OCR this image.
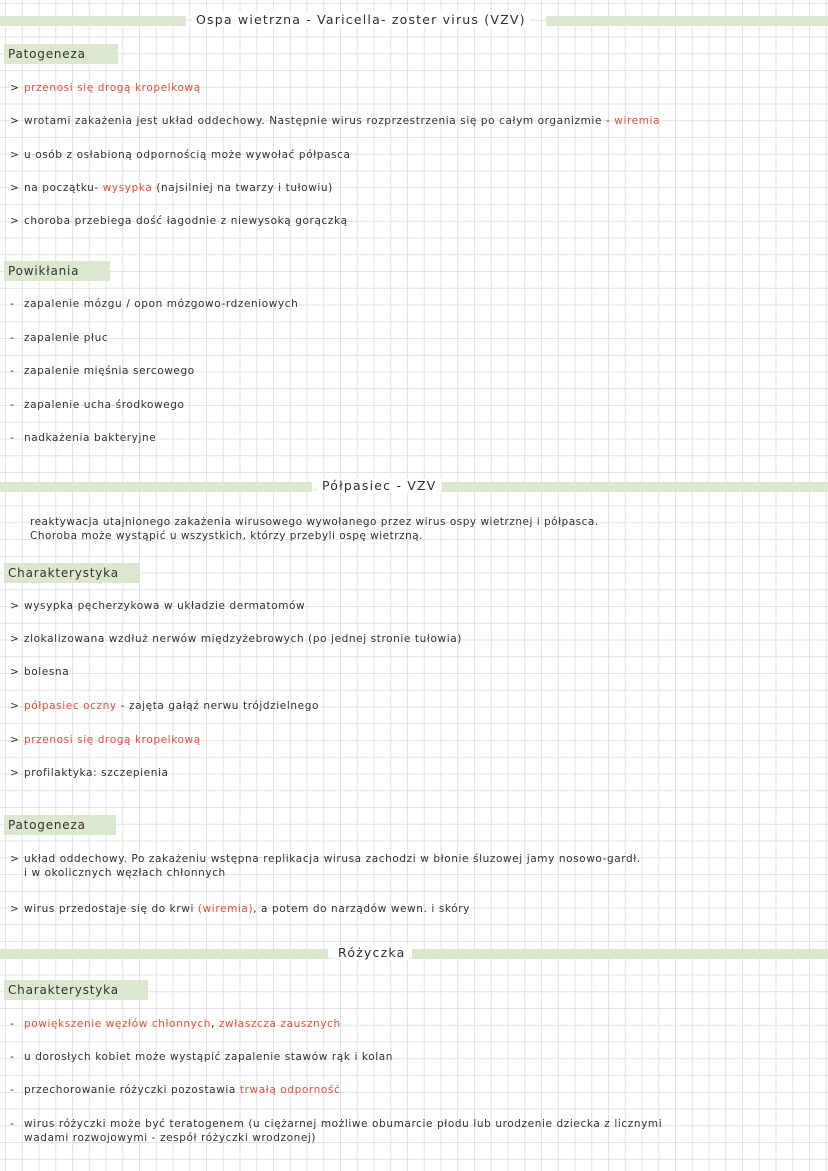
Ospa wietrzna - Varicella- zoster virus (VZV)
Patogeneza
> przenosi się drogą kropelkową
> wrotami zakażenia jest układ oddechowy. Następnie wirus rozprzestrzenia się po całym organizmie - wiremia
> u osób z osłabioną odpornością może wywołać półpasca
> na początku- wysypka (najsilniej na twarzy i tułowiu)
> choroba przebiega dość łagodnie z niewysoką gorączką
Powikłania
- zapalenie mózgu / opon mózgowo-rdzeniowych
- zapalenie płuc
- zapalenie mięśnia sercowego
- zapalenie ucha środkowego
- nadkażenia bakteryjne
Półpasiec - VZV
reaktywacja utajnionego zakażenia wirusowego wywołanego przez wirus ospy wietrznej i półpasca.
Choroba może wystąpić u wszystkich, którzy przebyli ospę wietrzną.
Charakterystyka
> wysypka pęcherzykowa w układzie dermatomów
> zlokalizowana wzdłuż nerwów międzyżebrowych (po jednej stronie tułowia)
> bolesna
> półpasiec oczny - zajęta gałąź nerwu trójdzielnego
> przenosi się drogą kropelkową
> profilaktyka: szczepienia
Patogeneza
> układ oddechowy. Po zakażeniu wstępna replikacja wirusa zachodzi w błonie śluzowej jamy nosowo-gardł.
i w okolicznych węzłach chłonnych
> wirus przedostaje się do krwi (wiremia), a potem do narządów wewn. i skóry
Różyczka
Charakterystyka
- powiększenie węzłów chłonnych, zwłaszcza zausznych
- u dorosłych kobiet może wystąpić zapalenie stawów rąk i kolan
- przechorowanie różyczki pozostawia trwałą odporność
- wirus różyczki może być teratogenem (u ciężarnej możliwe obumarcie płodu lub urodzenie dziecka z licznymi
wadami rozwojowymi - zespół różyczki wrodzonej)
